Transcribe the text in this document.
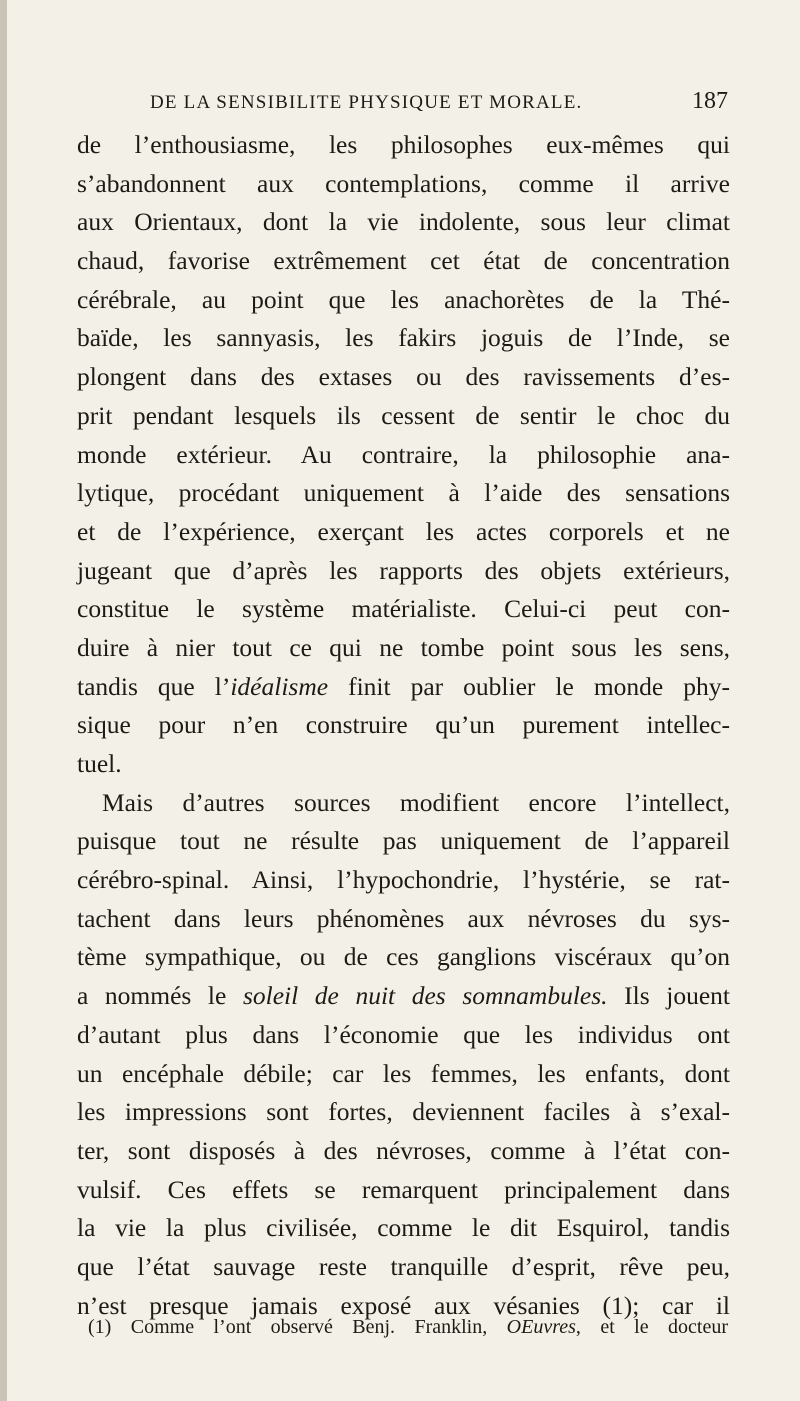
DE LA SENSIBILITE PHYSIQUE ET MORALE.	187
de l’enthousiasme, les philosophes eux-mêmes qui
s’abandonnent aux contemplations, comme il arrive
aux Orientaux, dont la vie indolente, sous leur climat
chaud, favorise extrêmement cet état de concentration
cérébrale, au point que les anachorètes de la Thé-
baïde, les sannyasis, les fakirs joguis de l’Inde, se
plongent dans des extases ou des ravissements d’es-
prit pendant lesquels ils cessent de sentir le choc du
monde extérieur. Au contraire, la philosophie ana-
lytique, procédant uniquement à l’aide des sensations
et de l’expérience, exerçant les actes corporels et ne
jugeant que d’après les rapports des objets extérieurs,
constitue le système matérialiste. Celui-ci peut con-
duire à nier tout ce qui ne tombe point sous les sens,
tandis que l’idéalisme finit par oublier le monde phy-
sique pour n’en construire qu’un purement intellec-
tuel.
Mais d’autres sources modifient encore l’intellect,
puisque tout ne résulte pas uniquement de l’appareil
cérébro-spinal. Ainsi, l’hypochondrie, l’hystérie, se rat-
tachent dans leurs phénomènes aux névroses du sys-
tème sympathique, ou de ces ganglions viscéraux qu’on
a nommés le soleil de nuit des somnambules. Ils jouent
d’autant plus dans l’économie que les individus ont
un encéphale débile; car les femmes, les enfants, dont
les impressions sont fortes, deviennent faciles à s’exal-
ter, sont disposés à des névroses, comme à l’état con-
vulsif. Ces effets se remarquent principalement dans
la vie la plus civilisée, comme le dit Esquirol, tandis
que l’état sauvage reste tranquille d’esprit, rêve peu,
n’est presque jamais exposé aux vésanies (1); car il
(1) Comme l’ont observé Benj. Franklin, OEuvres, et le docteur
